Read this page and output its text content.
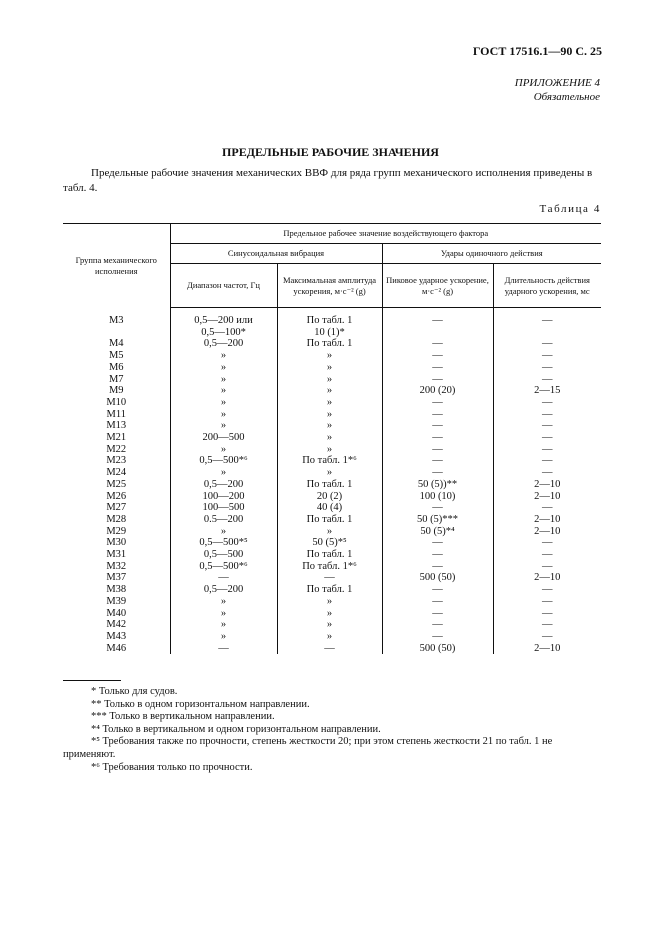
ГОСТ 17516.1—90 С. 25
ПРИЛОЖЕНИЕ 4
Обязательное
ПРЕДЕЛЬНЫЕ РАБОЧИЕ ЗНАЧЕНИЯ
Предельные рабочие значения механических ВВФ для ряда групп механического исполнения приведены в табл. 4.
Таблица 4
Группа механического исполнения	Предельное рабочее значение воздействующего фактора			
	Синусоидальная вибрация		Удары одиночного действия	
	Диапазон частот, Гц	Максимальная амплитуда ускорения, м·с⁻² (g)	Пиковое ударное ускорение, м·с⁻² (g)	Длительность действия ударного ускорения, мс
М3	0,5—200 или	По табл. 1	—	—
	0,5—100*	10 (1)*		
М4	0,5—200	По табл. 1	—	—
М5	»	»	—	—
М6	»	»	—	—
М7	»	»	—	—
М9	»	»	200 (20)	2—15
М10	»	»	—	—
М11	»	»	—	—
М13	»	»	—	—
М21	200—500	»	—	—
М22	»	»	—	—
М23	0,5—500*⁶	По табл. 1*⁶	—	—
М24	»	»	—	—
М25	0,5—200	По табл. 1	50 (5))**	2—10
М26	100—200	20 (2)	100 (10)	2—10
М27	100—500	40 (4)	—	—
М28	0.5—200	По табл. 1	50 (5)***	2—10
М29	»	»	50 (5)*⁴	2—10
М30	0,5—500*⁵	50 (5)*⁵	—	—
М31	0,5—500	По табл. 1	—	—
М32	0,5—500*⁶	По табл. 1*⁶	—	—
М37	—	—	500 (50)	2—10
М38	0,5—200	По табл. 1	—	—
М39	»	»	—	—
М40	»	»	—	—
М42	»	»	—	—
М43	»	»	—	—
М46	—	—	500 (50)	2—10

* Только для судов.

** Только в одном горизонтальном направлении.

*** Только в вертикальном направлении.

*⁴ Только в вертикальном и одном горизонтальном направлении.

*⁵ Требования также по прочности, степень жесткости 20; при этом степень жесткости 21 по табл. 1 не применяют.

*⁶ Требования только по прочности.
